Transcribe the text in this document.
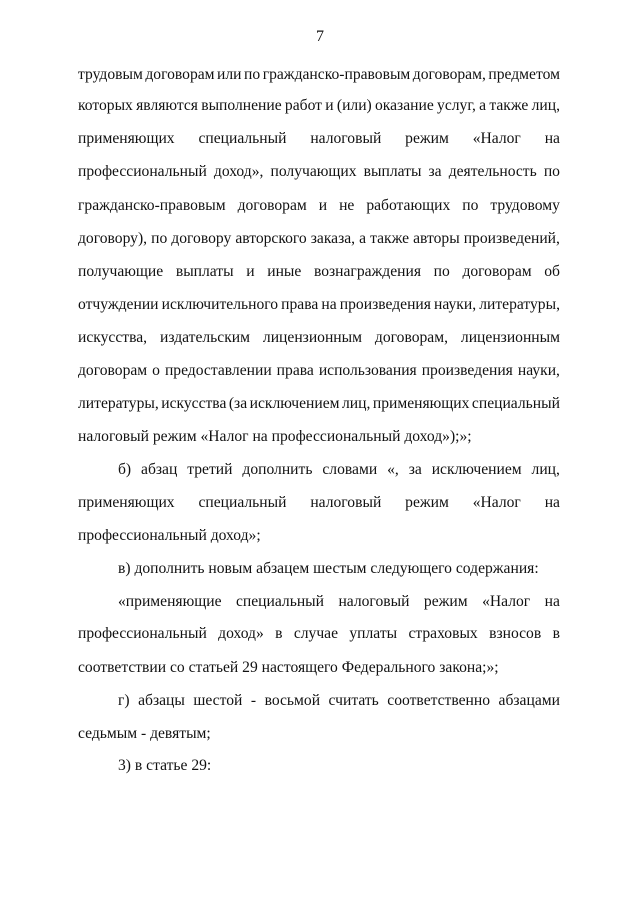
7
трудовым договорам или по гражданско-правовым договорам, предметом
которых являются выполнение работ и (или) оказание услуг, а также лиц,
применяющих специальный налоговый режим «Налог на
профессиональный доход», получающих выплаты за деятельность по
гражданско-правовым договорам и не работающих по трудовому
договору), по договору авторского заказа, а также авторы произведений,
получающие выплаты и иные вознаграждения по договорам об
отчуждении исключительного права на произведения науки, литературы,
искусства, издательским лицензионным договорам, лицензионным
договорам о предоставлении права использования произведения науки,
литературы, искусства (за исключением лиц, применяющих специальный
налоговый режим «Налог на профессиональный доход»);»;
б) абзац третий дополнить словами «, за исключением лиц,
применяющих специальный налоговый режим «Налог на
профессиональный доход»;
в) дополнить новым абзацем шестым следующего содержания:
«применяющие специальный налоговый режим «Налог на
профессиональный доход» в случае уплаты страховых взносов в
соответствии со статьей 29 настоящего Федерального закона;»;
г) абзацы шестой - восьмой считать соответственно абзацами
седьмым - девятым;
3) в статье 29:
